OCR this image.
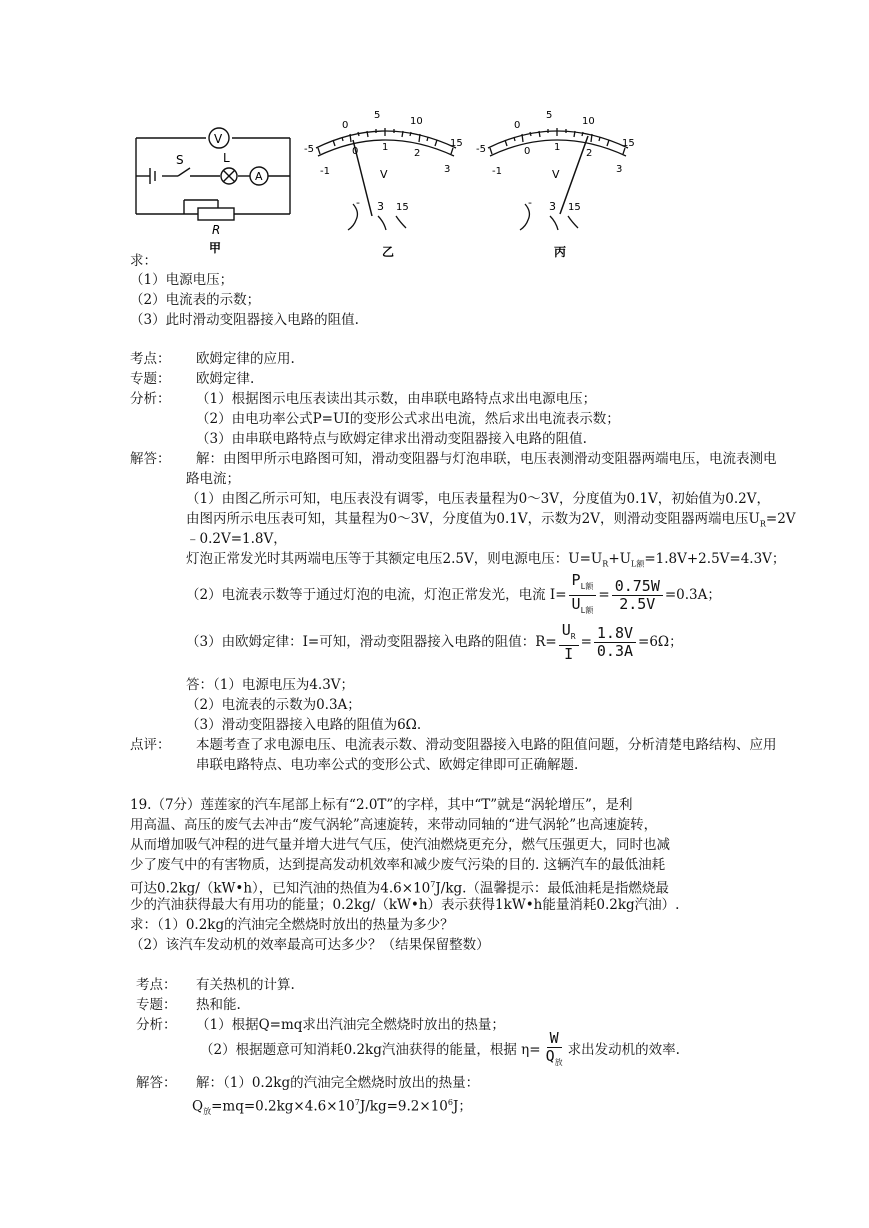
V
A
S	L
R
甲
-5
0
5
10
15
-1
0 1
2
3
V
- 3 15
乙
-5
0
5
10
15
-1
0 1
2
3
V
- 3 15
丙
求：
（1）电源电压；
（2）电流表的示数；
（3）此时滑动变阻器接入电路的阻值.
考点： 欧姆定律的应用.
专题： 欧姆定律.
分析： （1）根据图示电压表读出其示数，由串联电路特点求出电源电压；
（2）由电功率公式P=UI的变形公式求出电流，然后求出电流表示数；
（3）由串联电路特点与欧姆定律求出滑动变阻器接入电路的阻值.
解答： 解：由图甲所示电路图可知，滑动变阻器与灯泡串联，电压表测滑动变阻器两端电压，电流表测电
路电流；
（1）由图乙所示可知，电压表没有调零，电压表量程为0～3V，分度值为0.1V，初始值为0.2V，
由图丙所示电压表可知，其量程为0～3V，分度值为0.1V，示数为2V，则滑动变阻器两端电压$U_R=2V$
﹣0.2V=1.8V，
灯泡正常发光时其两端电压等于其额定电压2.5V，则电源电压：$U=U_R+U_{L额}=1.8V+2.5V=4.3V$；
（2）电流表示数等于通过灯泡的电流，灯泡正常发光，电流 $I= \frac{P_{L额}}{U_{L额}} = \frac{0.75W}{2.5V} =0.3A$；
（3）由欧姆定律：I=可知，滑动变阻器接入电路的阻值：$R= \frac{U_R}{I} = \frac{1.8V}{0.3A} =6\Omega$；
答：（1）电源电压为4.3V；
（2）电流表的示数为0.3A；
（3）滑动变阻器接入电路的阻值为6Ω.
点评： 本题考查了求电源电压、电流表示数、滑动变阻器接入电路的阻值问题，分析清楚电路结构、应用
串联电路特点、电功率公式的变形公式、欧姆定律即可正确解题.
19.（7分）莲莲家的汽车尾部上标有“2.0T”的字样，其中“T”就是“涡轮增压”，是利
用高温、高压的废气去冲击“废气涡轮”高速旋转，来带动同轴的“进气涡轮”也高速旋转，
从而增加吸气冲程的进气量并增大进气气压，使汽油燃烧更充分，燃气压强更大，同时也减
少了废气中的有害物质，达到提高发动机效率和减少废气污染的目的. 这辆汽车的最低油耗
可达0.2kg/（kW•h），已知汽油的热值为$4.6\times 10^7J/kg$.（温馨提示：最低油耗是指燃烧最
少的汽油获得最大有用功的能量；0.2kg/（kW•h）表示获得1kW•h能量消耗0.2kg汽油）.
求：（1）0.2kg的汽油完全燃烧时放出的热量为多少？
（2）该汽车发动机的效率最高可达多少？（结果保留整数）
考点： 有关热机的计算.
专题： 热和能.
分析： （1）根据Q=mq求出汽油完全燃烧时放出的热量；
（2）根据题意可知消耗0.2kg汽油获得的能量，根据 $\eta= \frac{W}{Q_放}$ 求出发动机的效率.
解答： 解：（1）0.2kg的汽油完全燃烧时放出的热量：
$Q_放=mq=0.2kg\times 4.6\times 10^7J/kg=9.2\times 10^6J$；
